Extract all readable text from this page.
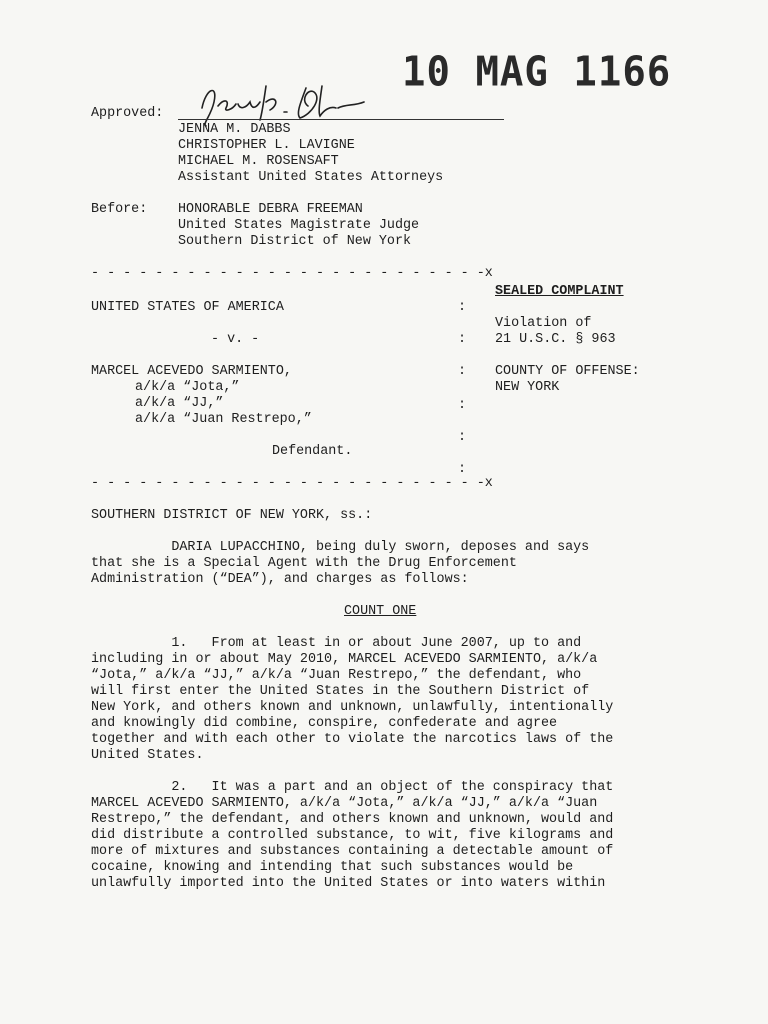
10 MAG 1166
Approved:
JENNA M. DABBS
CHRISTOPHER L. LAVIGNE
MICHAEL M. ROSENSAFT
Assistant United States Attorneys
Before: HONORABLE DEBRA FREEMAN
United States Magistrate Judge
Southern District of New York
- - - - - - - - - - - - - - - - - - - - - - - - -x
SEALED COMPLAINT
UNITED STATES OF AMERICA	:
Violation of
- v. -	: 21 U.S.C. § 963
MARCEL ACEVEDO SARMIENTO,	: COUNTY OF OFFENSE:
a/k/a “Jota,”	NEW YORK
a/k/a “JJ,”	:
a/k/a “Juan Restrepo,”
:
Defendant.
:
- - - - - - - - - - - - - - - - - - - - - - - - -x
SOUTHERN DISTRICT OF NEW YORK, ss.:
DARIA LUPACCHINO, being duly sworn, deposes and says
that she is a Special Agent with the Drug Enforcement
Administration (“DEA”), and charges as follows:
COUNT ONE
1.   From at least in or about June 2007, up to and
including in or about May 2010, MARCEL ACEVEDO SARMIENTO, a/k/a
“Jota,” a/k/a “JJ,” a/k/a “Juan Restrepo,” the defendant, who
will first enter the United States in the Southern District of
New York, and others known and unknown, unlawfully, intentionally
and knowingly did combine, conspire, confederate and agree
together and with each other to violate the narcotics laws of the
United States.
2.   It was a part and an object of the conspiracy that
MARCEL ACEVEDO SARMIENTO, a/k/a “Jota,” a/k/a “JJ,” a/k/a “Juan
Restrepo,” the defendant, and others known and unknown, would and
did distribute a controlled substance, to wit, five kilograms and
more of mixtures and substances containing a detectable amount of
cocaine, knowing and intending that such substances would be
unlawfully imported into the United States or into waters within
